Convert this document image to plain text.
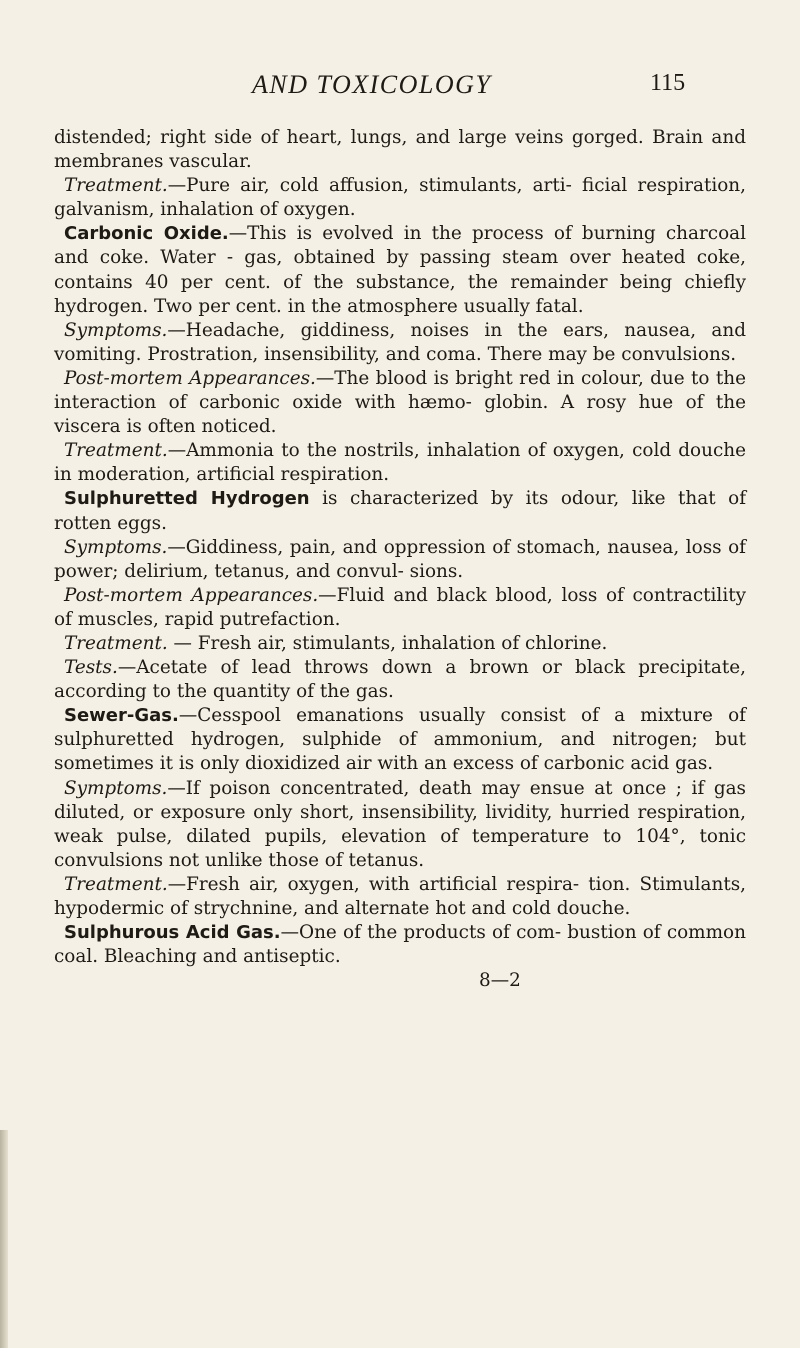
AND TOXICOLOGY	115

distended; right side of heart, lungs, and large veins gorged. Brain and membranes vascular.

Treatment.—Pure air, cold affusion, stimulants, arti- ficial respiration, galvanism, inhalation of oxygen.

Carbonic Oxide.—This is evolved in the process of burning charcoal and coke. Water - gas, obtained by passing steam over heated coke, contains 40 per cent. of the substance, the remainder being chiefly hydrogen. Two per cent. in the atmosphere usually fatal.

Symptoms.—Headache, giddiness, noises in the ears, nausea, and vomiting. Prostration, insensibility, and coma. There may be convulsions.

Post-mortem Appearances.—The blood is bright red in colour, due to the interaction of carbonic oxide with hæmo- globin. A rosy hue of the viscera is often noticed.

Treatment.—Ammonia to the nostrils, inhalation of oxygen, cold douche in moderation, artificial respiration.

Sulphuretted Hydrogen is characterized by its odour, like that of rotten eggs.

Symptoms.—Giddiness, pain, and oppression of stomach, nausea, loss of power; delirium, tetanus, and convul- sions.

Post-mortem Appearances.—Fluid and black blood, loss of contractility of muscles, rapid putrefaction.

Treatment. — Fresh air, stimulants, inhalation of chlorine.

Tests.—Acetate of lead throws down a brown or black precipitate, according to the quantity of the gas.

Sewer-Gas.—Cesspool emanations usually consist of a mixture of sulphuretted hydrogen, sulphide of ammonium, and nitrogen; but sometimes it is only dioxidized air with an excess of carbonic acid gas.

Symptoms.—If poison concentrated, death may ensue at once ; if gas diluted, or exposure only short, insensibility, lividity, hurried respiration, weak pulse, dilated pupils, elevation of temperature to 104°, tonic convulsions not unlike those of tetanus.

Treatment.—Fresh air, oxygen, with artificial respira- tion. Stimulants, hypodermic of strychnine, and alternate hot and cold douche.

Sulphurous Acid Gas.—One of the products of com- bustion of common coal. Bleaching and antiseptic.

8—2
